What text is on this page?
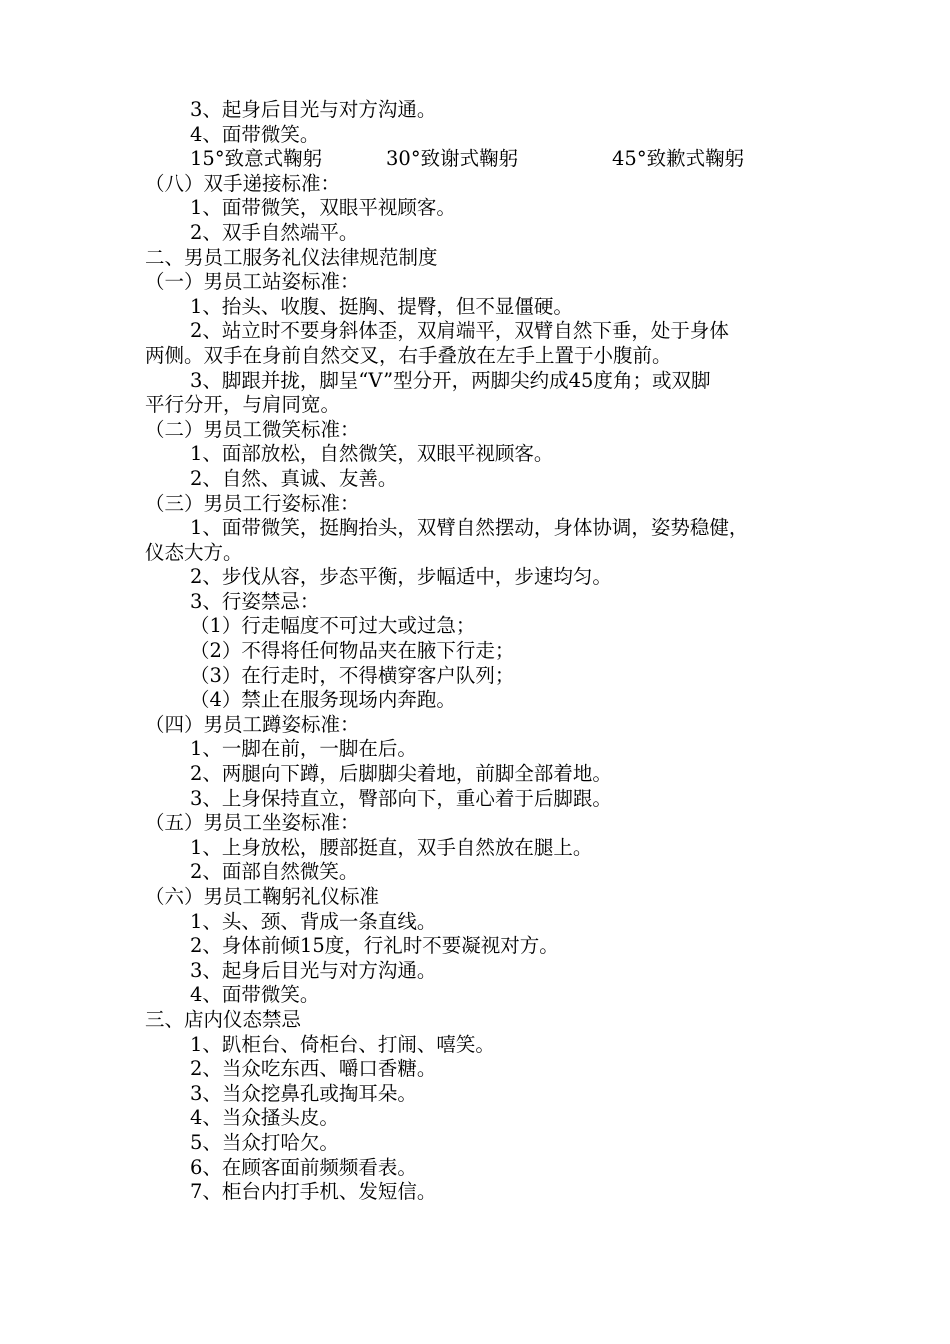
3、起身后目光与对方沟通。
4、面带微笑。
15°致意式鞠躬	30°致谢式鞠躬	45°致歉式鞠躬
（八）双手递接标准：
1、面带微笑，双眼平视顾客。
2、双手自然端平。
二、男员工服务礼仪法律规范制度
（一）男员工站姿标准：
1、抬头、收腹、挺胸、提臀，但不显僵硬。
2、站立时不要身斜体歪，双肩端平，双臂自然下垂，处于身体
两侧。双手在身前自然交叉，右手叠放在左手上置于小腹前。
3、脚跟并拢，脚呈“V”型分开，两脚尖约成45度角；或双脚
平行分开，与肩同宽。
（二）男员工微笑标准：
1、面部放松，自然微笑，双眼平视顾客。
2、自然、真诚、友善。
（三）男员工行姿标准：
1、面带微笑，挺胸抬头，双臂自然摆动，身体协调，姿势稳健，
仪态大方。
2、步伐从容，步态平衡，步幅适中，步速均匀。
3、行姿禁忌：
（1）行走幅度不可过大或过急；
（2）不得将任何物品夹在腋下行走；
（3）在行走时，不得横穿客户队列；
（4）禁止在服务现场内奔跑。
（四）男员工蹲姿标准：
1、一脚在前，一脚在后。
2、两腿向下蹲，后脚脚尖着地，前脚全部着地。
3、上身保持直立，臀部向下，重心着于后脚跟。
（五）男员工坐姿标准：
1、上身放松，腰部挺直，双手自然放在腿上。
2、面部自然微笑。
（六）男员工鞠躬礼仪标准
1、头、颈、背成一条直线。
2、身体前倾15度，行礼时不要凝视对方。
3、起身后目光与对方沟通。
4、面带微笑。
三、店内仪态禁忌
1、趴柜台、倚柜台、打闹、嘻笑。
2、当众吃东西、嚼口香糖。
3、当众挖鼻孔或掏耳朵。
4、当众搔头皮。
5、当众打哈欠。
6、在顾客面前频频看表。
7、柜台内打手机、发短信。
